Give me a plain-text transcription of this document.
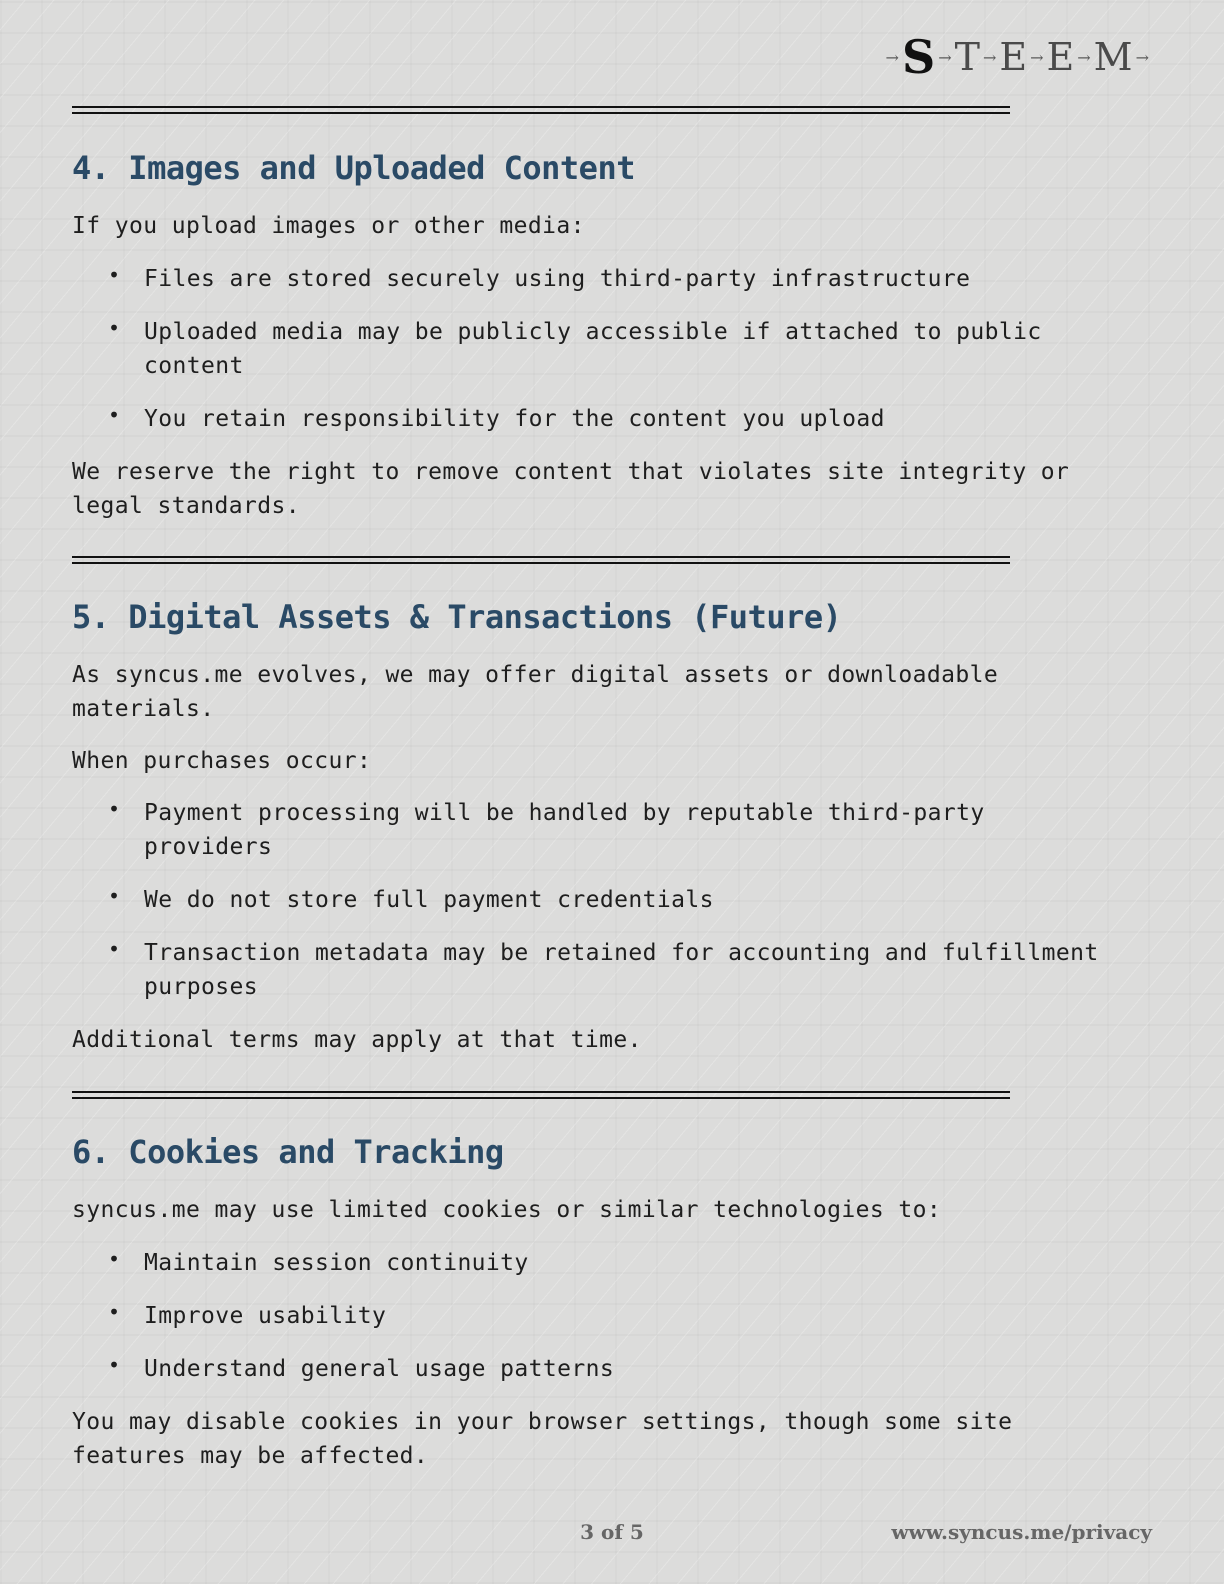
→ S → T → E → E → M →
4. Images and Uploaded Content

If you upload images or other media:

• Files are stored securely using third-party infrastructure
• Uploaded media may be publicly accessible if attached to public content
• You retain responsibility for the content you upload

We reserve the right to remove content that violates site integrity or legal standards.

5. Digital Assets & Transactions (Future)

As syncus.me evolves, we may offer digital assets or downloadable materials.

When purchases occur:

• Payment processing will be handled by reputable third-party providers
• We do not store full payment credentials
• Transaction metadata may be retained for accounting and fulfillment purposes

Additional terms may apply at that time.

6. Cookies and Tracking

syncus.me may use limited cookies or similar technologies to:

• Maintain session continuity
• Improve usability
• Understand general usage patterns

You may disable cookies in your browser settings, though some site features may be affected.

3 of 5	www.syncus.me/privacy
